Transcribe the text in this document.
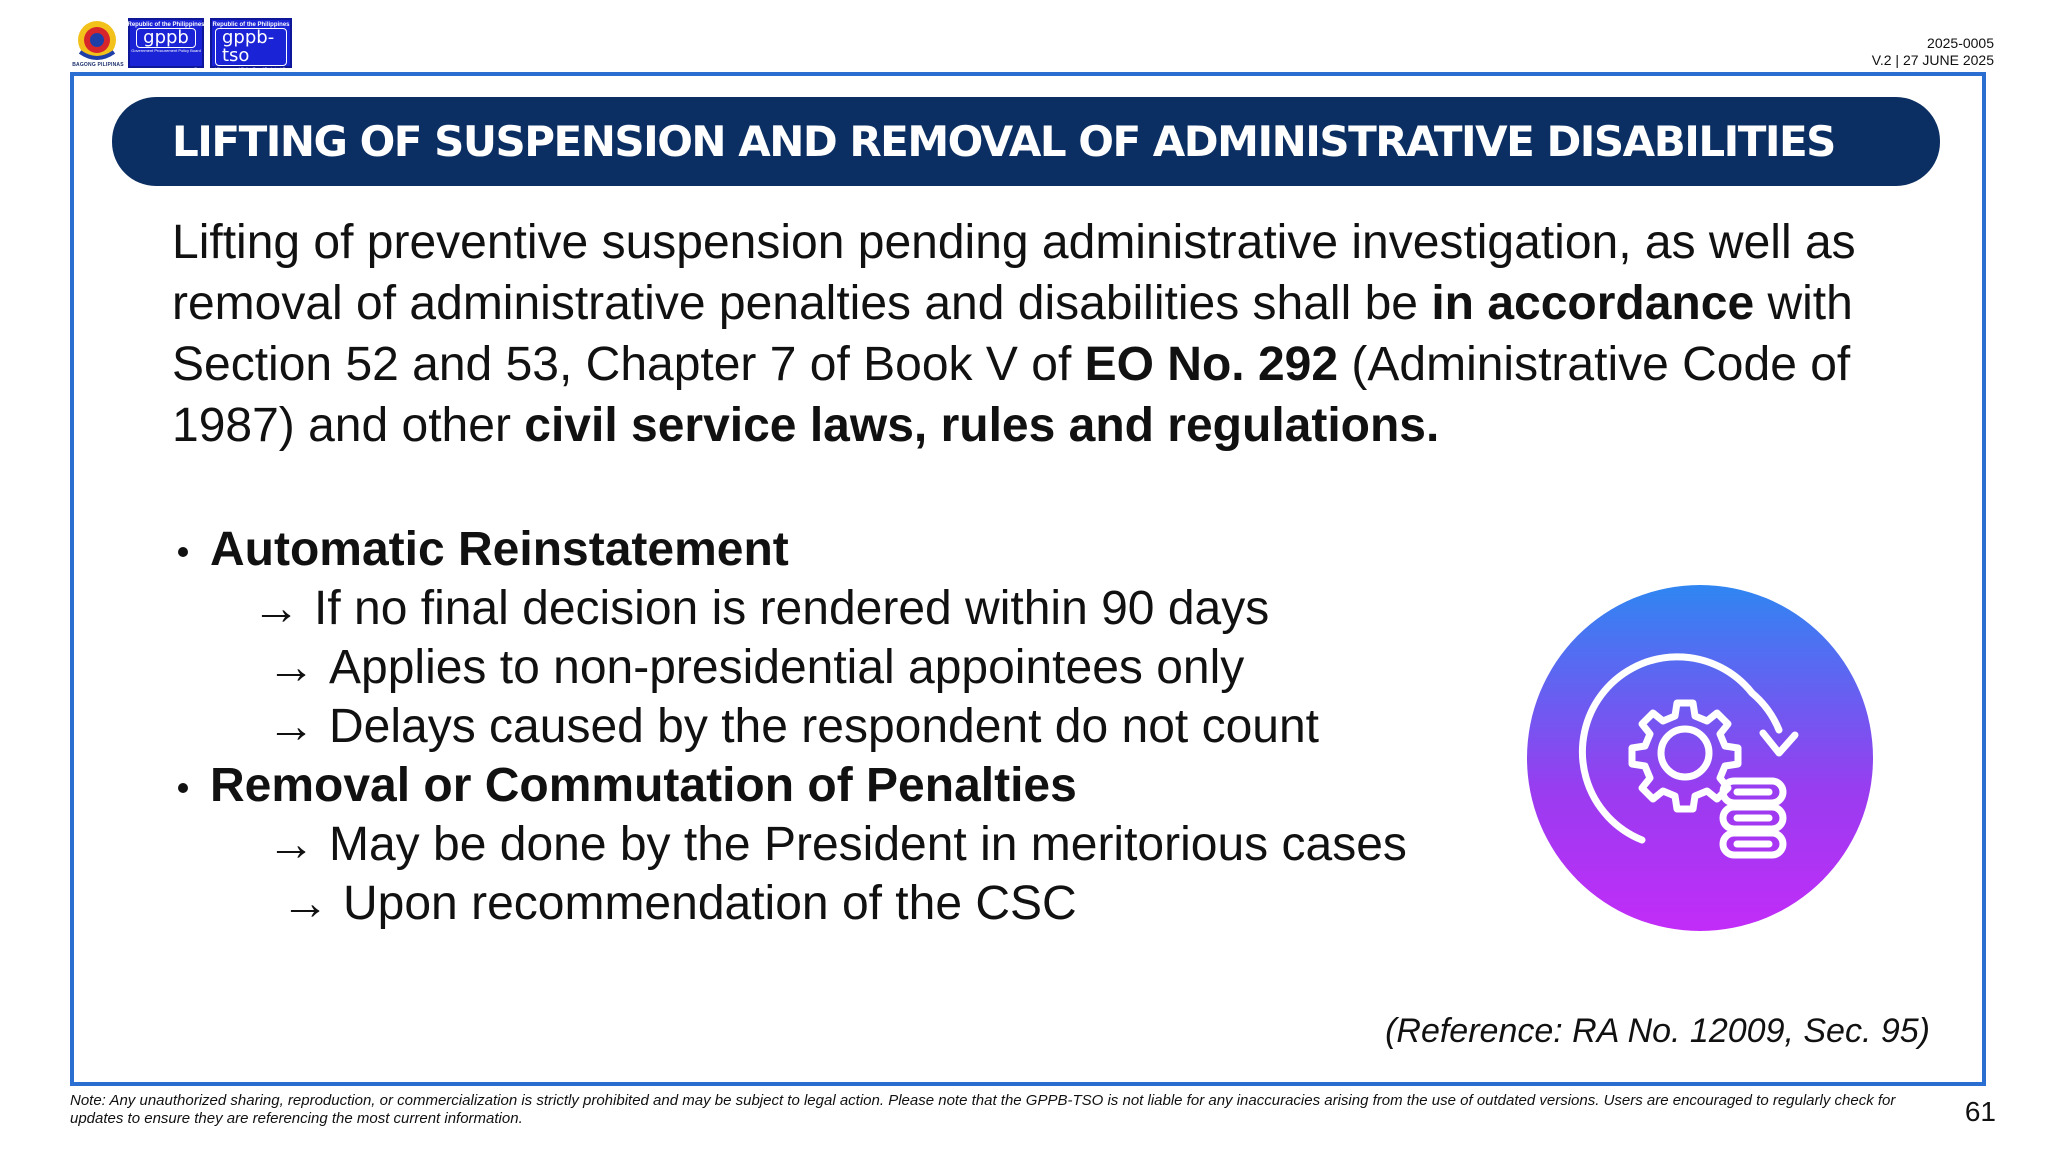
BAGONG PILIPINAS
Republic of the Philippines
gppb
Government Procurement Policy Board
Republic of the Philippines
gppb-tso
Government Procurement Policy Board Technical Support Office
2025-0005
V.2 | 27 JUNE 2025
LIFTING OF SUSPENSION AND REMOVAL OF ADMINISTRATIVE DISABILITIES
Lifting of preventive suspension pending administrative investigation, as well as removal of administrative penalties and disabilities shall be in accordance with Section 52 and 53, Chapter 7 of Book V of EO No. 292 (Administrative Code of 1987) and other civil service laws, rules and regulations.
Automatic Reinstatement
→ If no final decision is rendered within 90 days
→ Applies to non-presidential appointees only
→ Delays caused by the respondent do not count
Removal or Commutation of Penalties
→ May be done by the President in meritorious cases
→ Upon recommendation of the CSC
(Reference: RA No. 12009, Sec. 95)
Note: Any unauthorized sharing, reproduction, or commercialization is strictly prohibited and may be subject to legal action. Please note that the GPPB-TSO is not liable for any inaccuracies arising from the use of outdated versions. Users are encouraged to regularly check for updates to ensure they are referencing the most current information.	61
